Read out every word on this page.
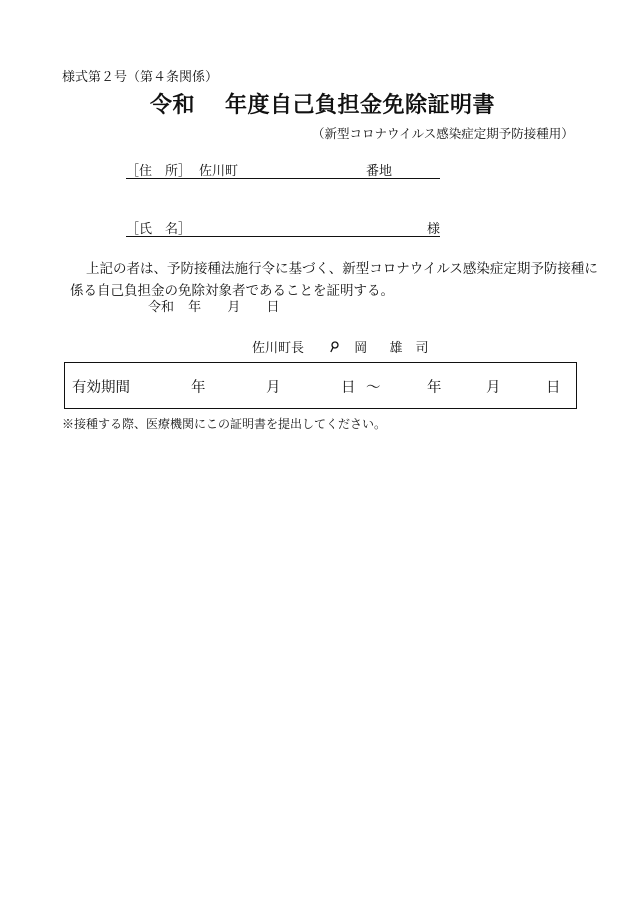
様式第２号（第４条関係）
令和 年度自己負担金免除証明書
（新型コロナウイルス感染症定期予防接種用）
［住　所］ 佐川町	番地
［氏　名］	様
上記の者は、予防接種法施行令に基づく、新型コロナウイルス感染症定期予防接種に
係る自己負担金の免除対象者であることを証明する。
令和 年 月 日
佐川町長	岡 雄　司
有効期間	年	月	日 ～	年	月	日
※接種する際、医療機関にこの証明書を提出してください。
